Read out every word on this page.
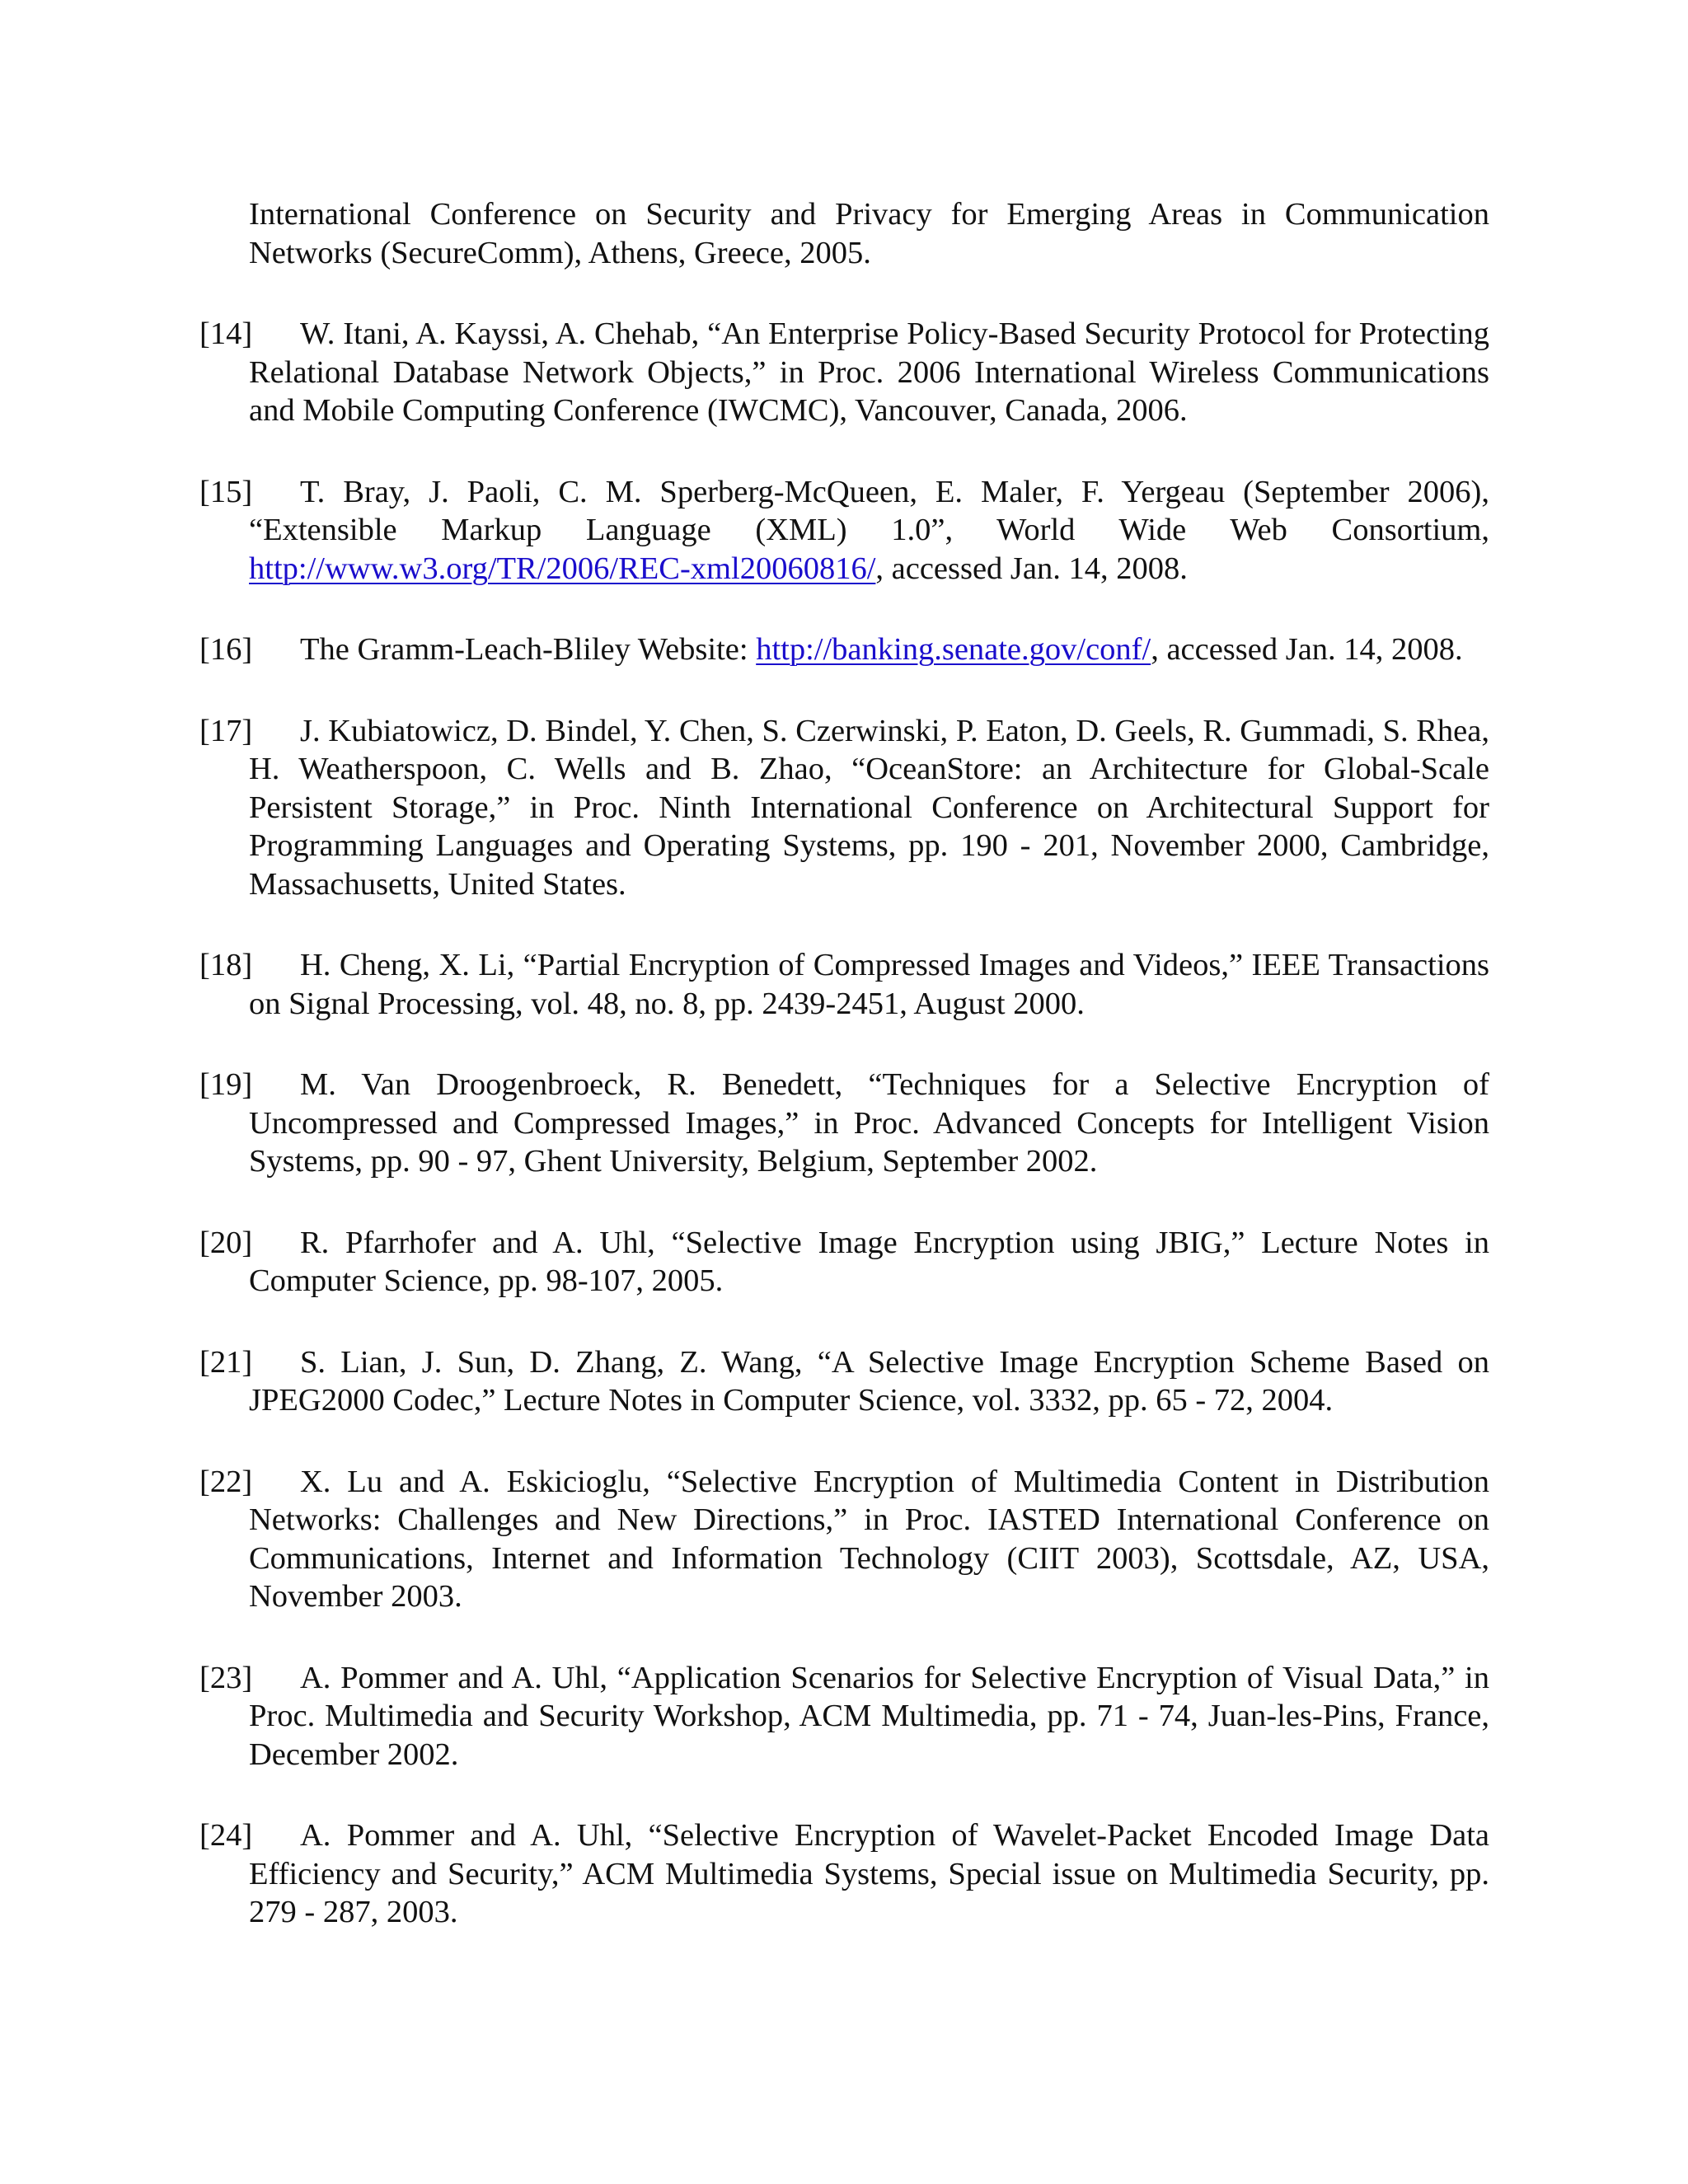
International Conference on Security and Privacy for Emerging Areas in Communication Networks (SecureComm), Athens, Greece, 2005.

[14] W. Itani, A. Kayssi, A. Chehab, “An Enterprise Policy-Based Security Protocol for Protecting Relational Database Network Objects,” in Proc. 2006 International Wireless Communications and Mobile Computing Conference (IWCMC), Vancouver, Canada, 2006.

[15] T. Bray, J. Paoli, C. M. Sperberg-McQueen, E. Maler, F. Yergeau (September 2006), “Extensible Markup Language (XML) 1.0”, World Wide Web Consortium, http://www.w3.org/TR/2006/REC-xml20060816/, accessed Jan. 14, 2008.

[16] The Gramm-Leach-Bliley Website: http://banking.senate.gov/conf/, accessed Jan. 14, 2008.

[17] J. Kubiatowicz, D. Bindel, Y. Chen, S. Czerwinski, P. Eaton, D. Geels, R. Gummadi, S. Rhea, H. Weatherspoon, C. Wells and B. Zhao, “OceanStore: an Architecture for Global-Scale Persistent Storage,” in Proc. Ninth International Conference on Architectural Support for Programming Languages and Operating Systems, pp. 190 - 201, November 2000, Cambridge, Massachusetts, United States.

[18] H. Cheng, X. Li, “Partial Encryption of Compressed Images and Videos,” IEEE Transactions on Signal Processing, vol. 48, no. 8, pp. 2439-2451, August 2000.

[19] M. Van Droogenbroeck, R. Benedett, “Techniques for a Selective Encryption of Uncompressed and Compressed Images,” in Proc. Advanced Concepts for Intelligent Vision Systems, pp. 90 - 97, Ghent University, Belgium, September 2002.

[20] R. Pfarrhofer and A. Uhl, “Selective Image Encryption using JBIG,” Lecture Notes in Computer Science, pp. 98-107, 2005.

[21] S. Lian, J. Sun, D. Zhang, Z. Wang, “A Selective Image Encryption Scheme Based on JPEG2000 Codec,” Lecture Notes in Computer Science, vol. 3332, pp. 65 - 72, 2004.

[22] X. Lu and A. Eskicioglu, “Selective Encryption of Multimedia Content in Distribution Networks: Challenges and New Directions,” in Proc. IASTED International Conference on Communications, Internet and Information Technology (CIIT 2003), Scottsdale, AZ, USA, November 2003.

[23] A. Pommer and A. Uhl, “Application Scenarios for Selective Encryption of Visual Data,” in Proc. Multimedia and Security Workshop, ACM Multimedia, pp. 71 - 74, Juan-les-Pins, France, December 2002.

[24] A. Pommer and A. Uhl, “Selective Encryption of Wavelet-Packet Encoded Image Data Efficiency and Security,” ACM Multimedia Systems, Special issue on Multimedia Security, pp. 279 - 287, 2003.
